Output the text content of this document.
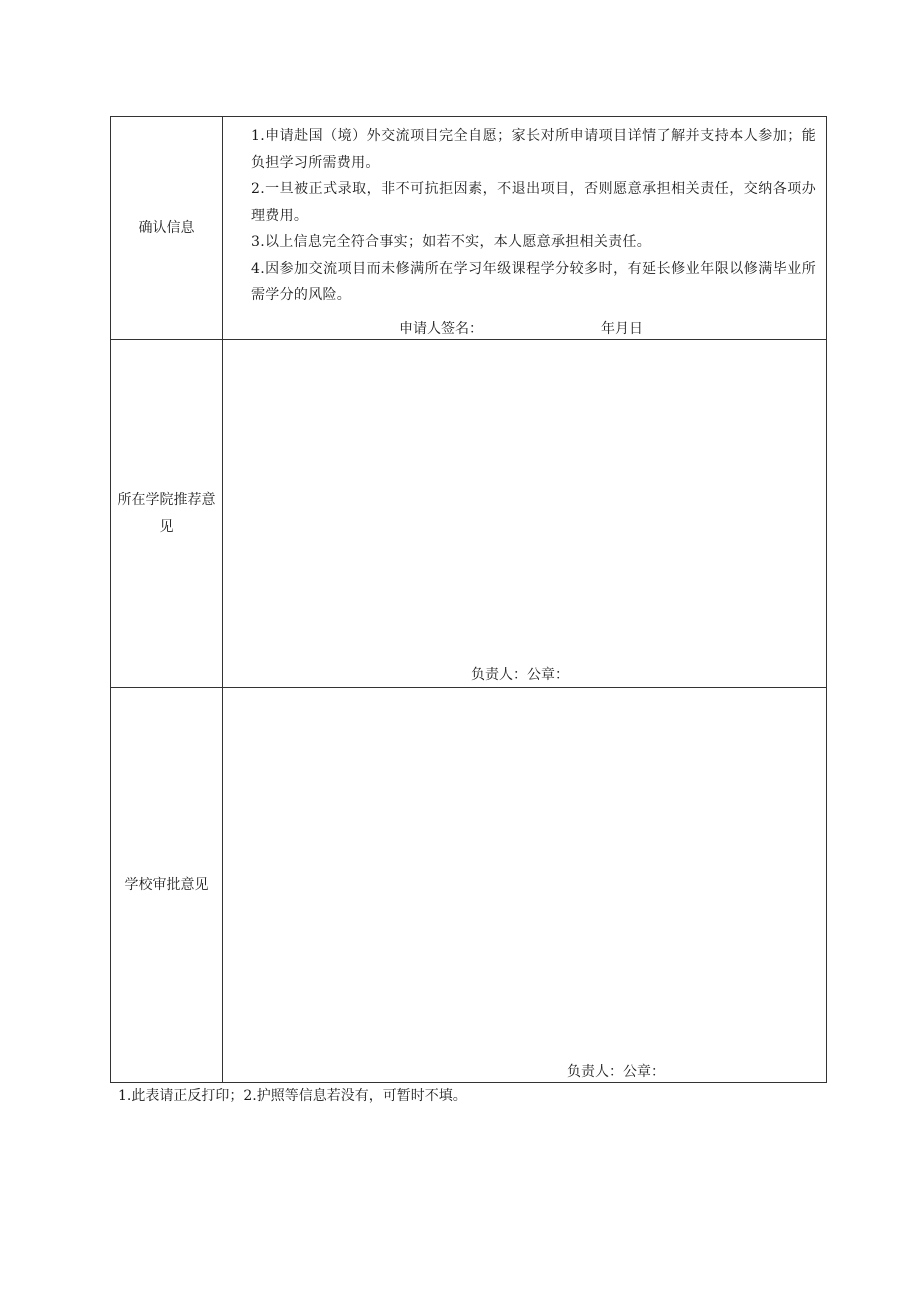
确认信息	1.申请赴国（境）外交流项目完全自愿；家长对所申请项目详情了解并支持本人参加；能负担学习所需费用。

2.一旦被正式录取，非不可抗拒因素，不退出项目，否则愿意承担相关责任，交纳各项办理费用。

3.以上信息完全符合事实；如若不实，本人愿意承担相关责任。

4.因参加交流项目而未修满所在学习年级课程学分较多时，有延长修业年限以修满毕业所需学分的风险。

申请人签名： 年月日

所在学院推荐意见	负责人：公章：

学校审批意见	负责人：公章：
1.此表请正反打印；2.护照等信息若没有，可暂时不填。
